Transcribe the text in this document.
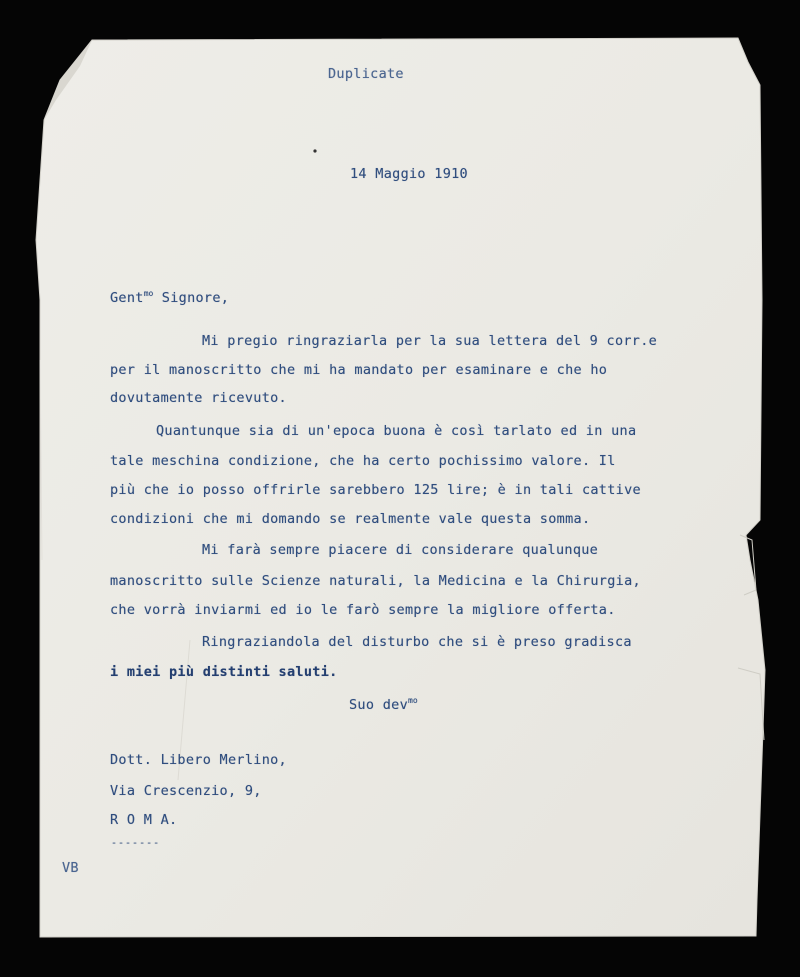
Duplicate
14 Maggio 1910
Gent$^{mo}$ Signore,
Mi pregio ringraziarla per la sua lettera del 9 corr.e
per il manoscritto che mi ha mandato per esaminare e che ho
dovutamente ricevuto.
Quantunque sia di un'epoca buona è così tarlato ed in una
tale meschina condizione, che ha certo pochissimo valore. Il
più che io posso offrirle sarebbero 125 lire; è in tali cattive
condizioni che mi domando se realmente vale questa somma.
Mi farà sempre piacere di considerare qualunque
manoscritto sulle Scienze naturali, la Medicina e la Chirurgia,
che vorrà inviarmi ed io le farò sempre la migliore offerta.
Ringraziandola del disturbo che si è preso gradisca
i miei più distinti saluti.
Suo dev$^{mo}$
Dott. Libero Merlino,
Via Crescenzio, 9,
R O M A.
-------
VB
